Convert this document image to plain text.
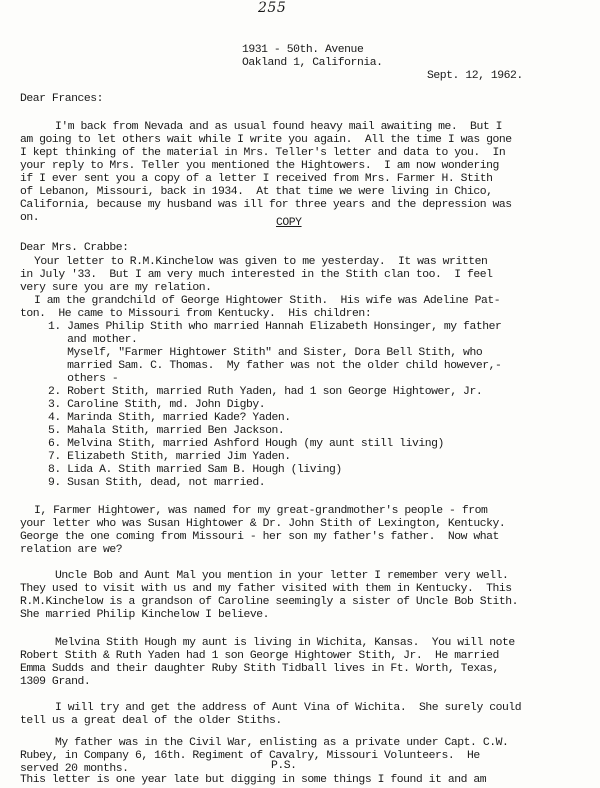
255
1931 - 50th. Avenue
Oakland 1, California.
Sept. 12, 1962.
Dear Frances:
I'm back from Nevada and as usual found heavy mail awaiting me.  But I
am going to let others wait while I write you again.  All the time I was gone
I kept thinking of the material in Mrs. Teller's letter and data to you.  In
your reply to Mrs. Teller you mentioned the Hightowers.  I am now wondering
if I ever sent you a copy of a letter I received from Mrs. Farmer H. Stith
of Lebanon, Missouri, back in 1934.  At that time we were living in Chico,
California, because my husband was ill for three years and the depression was
on.	COPY
Dear Mrs. Crabbe:
Your letter to R.M.Kinchelow was given to me yesterday.  It was written
in July '33.  But I am very much interested in the Stith clan too.  I feel
very sure you are my relation.
I am the grandchild of George Hightower Stith.  His wife was Adeline Pat-
ton.  He came to Missouri from Kentucky.  His children:
1. James Philip Stith who married Hannah Elizabeth Honsinger, my father
and mother.
Myself, "Farmer Hightower Stith" and Sister, Dora Bell Stith, who
married Sam. C. Thomas.  My father was not the older child however,-
others -
2. Robert Stith, married Ruth Yaden, had 1 son George Hightower, Jr.
3. Caroline Stith, md. John Digby.
4. Marinda Stith, married Kade? Yaden.
5. Mahala Stith, married Ben Jackson.
6. Melvina Stith, married Ashford Hough (my aunt still living)
7. Elizabeth Stith, married Jim Yaden.
8. Lida A. Stith married Sam B. Hough (living)
9. Susan Stith, dead, not married.
I, Farmer Hightower, was named for my great-grandmother's people - from
your letter who was Susan Hightower & Dr. John Stith of Lexington, Kentucky.
George the one coming from Missouri - her son my father's father.  Now what
relation are we?
Uncle Bob and Aunt Mal you mention in your letter I remember very well.
They used to visit with us and my father visited with them in Kentucky.  This
R.M.Kinchelow is a grandson of Caroline seemingly a sister of Uncle Bob Stith.
She married Philip Kinchelow I believe.
Melvina Stith Hough my aunt is living in Wichita, Kansas.  You will note
Robert Stith & Ruth Yaden had 1 son George Hightower Stith, Jr.  He married
Emma Sudds and their daughter Ruby Stith Tidball lives in Ft. Worth, Texas,
1309 Grand.
I will try and get the address of Aunt Vina of Wichita.  She surely could
tell us a great deal of the older Stiths.
My father was in the Civil War, enlisting as a private under Capt. C.W.
Rubey, in Company 6, 16th. Regiment of Cavalry, Missouri Volunteers.  He
served 20 months.	P.S.
This letter is one year late but digging in some things I found it and am
